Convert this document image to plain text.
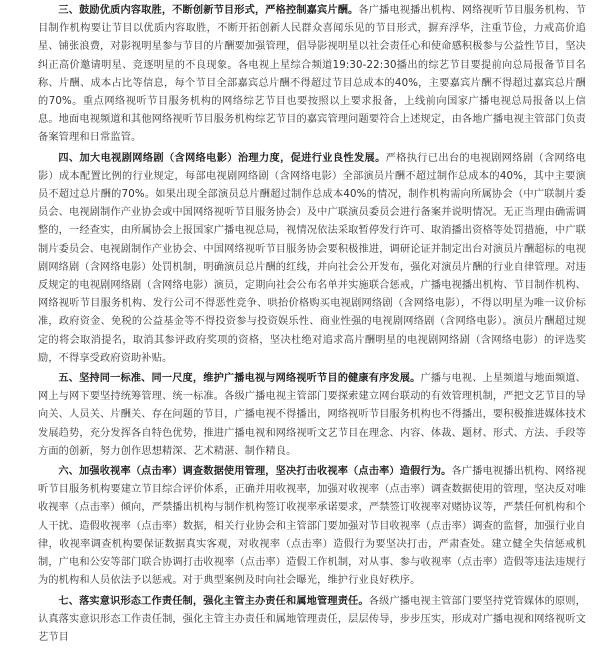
三、鼓励优质内容取胜，不断创新节目形式，严格控制嘉宾片酬。各广播电视播出机构、网络视听节目服务机构、节目制作机构要让节目以优质内容取胜，不断开拓创新人民群众喜闻乐见的节目形式，摒弃浮华，注重节俭，力戒高价追星、铺张浪费，对影视明星参与节目的片酬要加强管理，倡导影视明星以社会责任心和使命感积极参与公益性节目，坚决纠正高价邀请明星、竞逐明星的不良现象。各电视上星综合频道19:30-22:30播出的综艺节目要提前向总局报备节目名称、片酬、成本占比等信息，每个节目全部嘉宾总片酬不得超过节目总成本的40%，主要嘉宾片酬不得超过嘉宾总片酬的70%。重点网络视听节目服务机构的网络综艺节目也要按照以上要求报备，上线前向国家广播电视总局报备以上信息。地面电视频道和其他网络视听节目服务机构综艺节目的嘉宾管理问题要符合上述规定，由各地广播电视主管部门负责备案管理和日常监管。

四、加大电视剧网络剧（含网络电影）治理力度，促进行业良性发展。严格执行已出台的电视剧网络剧（含网络电影）成本配置比例的行业规定，每部电视剧网络剧（含网络电影）全部演员片酬不超过制作总成本的40%，其中主要演员不超过总片酬的70%。如果出现全部演员总片酬超过制作总成本40%的情况，制作机构需向所属协会（中广联制片委员会、电视剧制作产业协会或中国网络视听节目服务协会）及中广联演员委员会进行备案并说明情况。无正当理由确需调整的，一经查实，由所属协会上报国家广播电视总局，视情况依法采取暂停发行许可、取消播出资格等处罚措施，中广联制片委员会、电视剧制作产业协会、中国网络视听节目服务协会要积极推进，调研论证并制定出台对演员片酬超标的电视剧网络剧（含网络电影）处罚机制，明确演员总片酬的红线，并向社会公开发布，强化对演员片酬的行业自律管理。对违反规定的电视剧网络剧（含网络电影）演员，定期向社会公布名单并实施联合惩戒，广播电视播出机构、节目制作机构、网络视听节目服务机构、发行公司不得恶性竞争、哄抬价格购买电视剧网络剧（含网络电影），不得以明星为唯一议价标准，政府资金、免税的公益基金等不得投资参与投资娱乐性、商业性强的电视剧网络剧（含网络电影）。演员片酬超过规定的将会取消提名，取消其参评政府奖项的资格，坚决杜绝对追求高片酬明星的电视剧网络剧（含网络电影）的评选奖励，不得享受政府资助补贴。

五、坚持同一标准、同一尺度，维护广播电视与网络视听节目的健康有序发展。广播与电视、上星频道与地面频道、网上与网下要坚持统筹管理、统一标准。各级广播电视主管部门要探索建立网台联动的有效管理机制，严把文艺节目的导向关、人员关、片酬关、存在问题的节目，广播电视不得播出，网络视听节目服务机构也不得播出，要积极推进媒体技术发展趋势，充分发挥各自特色优势，推进广播电视和网络视听文艺节目在理念、内容、体裁、题材、形式、方法、手段等方面的创新，努力创作思想精深、艺术精湛、制作精良。

六、加强收视率（点击率）调查数据使用管理，坚决打击收视率（点击率）造假行为。各广播电视播出机构、网络视听节目服务机构要建立节目综合评价体系，正确并用收视率，加强对收视率（点击率）调查数据使用的管理，坚决反对唯收视率（点击率）倾向，严禁播出机构与制作机构签订收视率承诺要求，严禁签订收视率对赌协议等，严禁任何机构和个人干扰、造假收视率（点击率）数据，相关行业协会和主管部门要加强对节目收视率（点击率）调查的监督，加强行业自律，收视率调查机构要保证数据真实客观，对收视率（点击率）造假行为要坚决打击，严肃查处。建立健全失信惩戒机制，广电和公安等部门联合协调打击收视率（点击率）造假工作机制，对从事、参与收视率（点击率）造假等违法违规行为的机构和人员依法予以惩戒。对于典型案例及时向社会曝光，维护行业良好秩序。

七、落实意识形态工作责任制，强化主管主办责任和属地管理责任。各级广播电视主管部门要坚持党管媒体的原则，认真落实意识形态工作责任制，强化主管主办责任和属地管理责任，层层传导，步步压实，形成对广播电视和网络视听文艺节目
